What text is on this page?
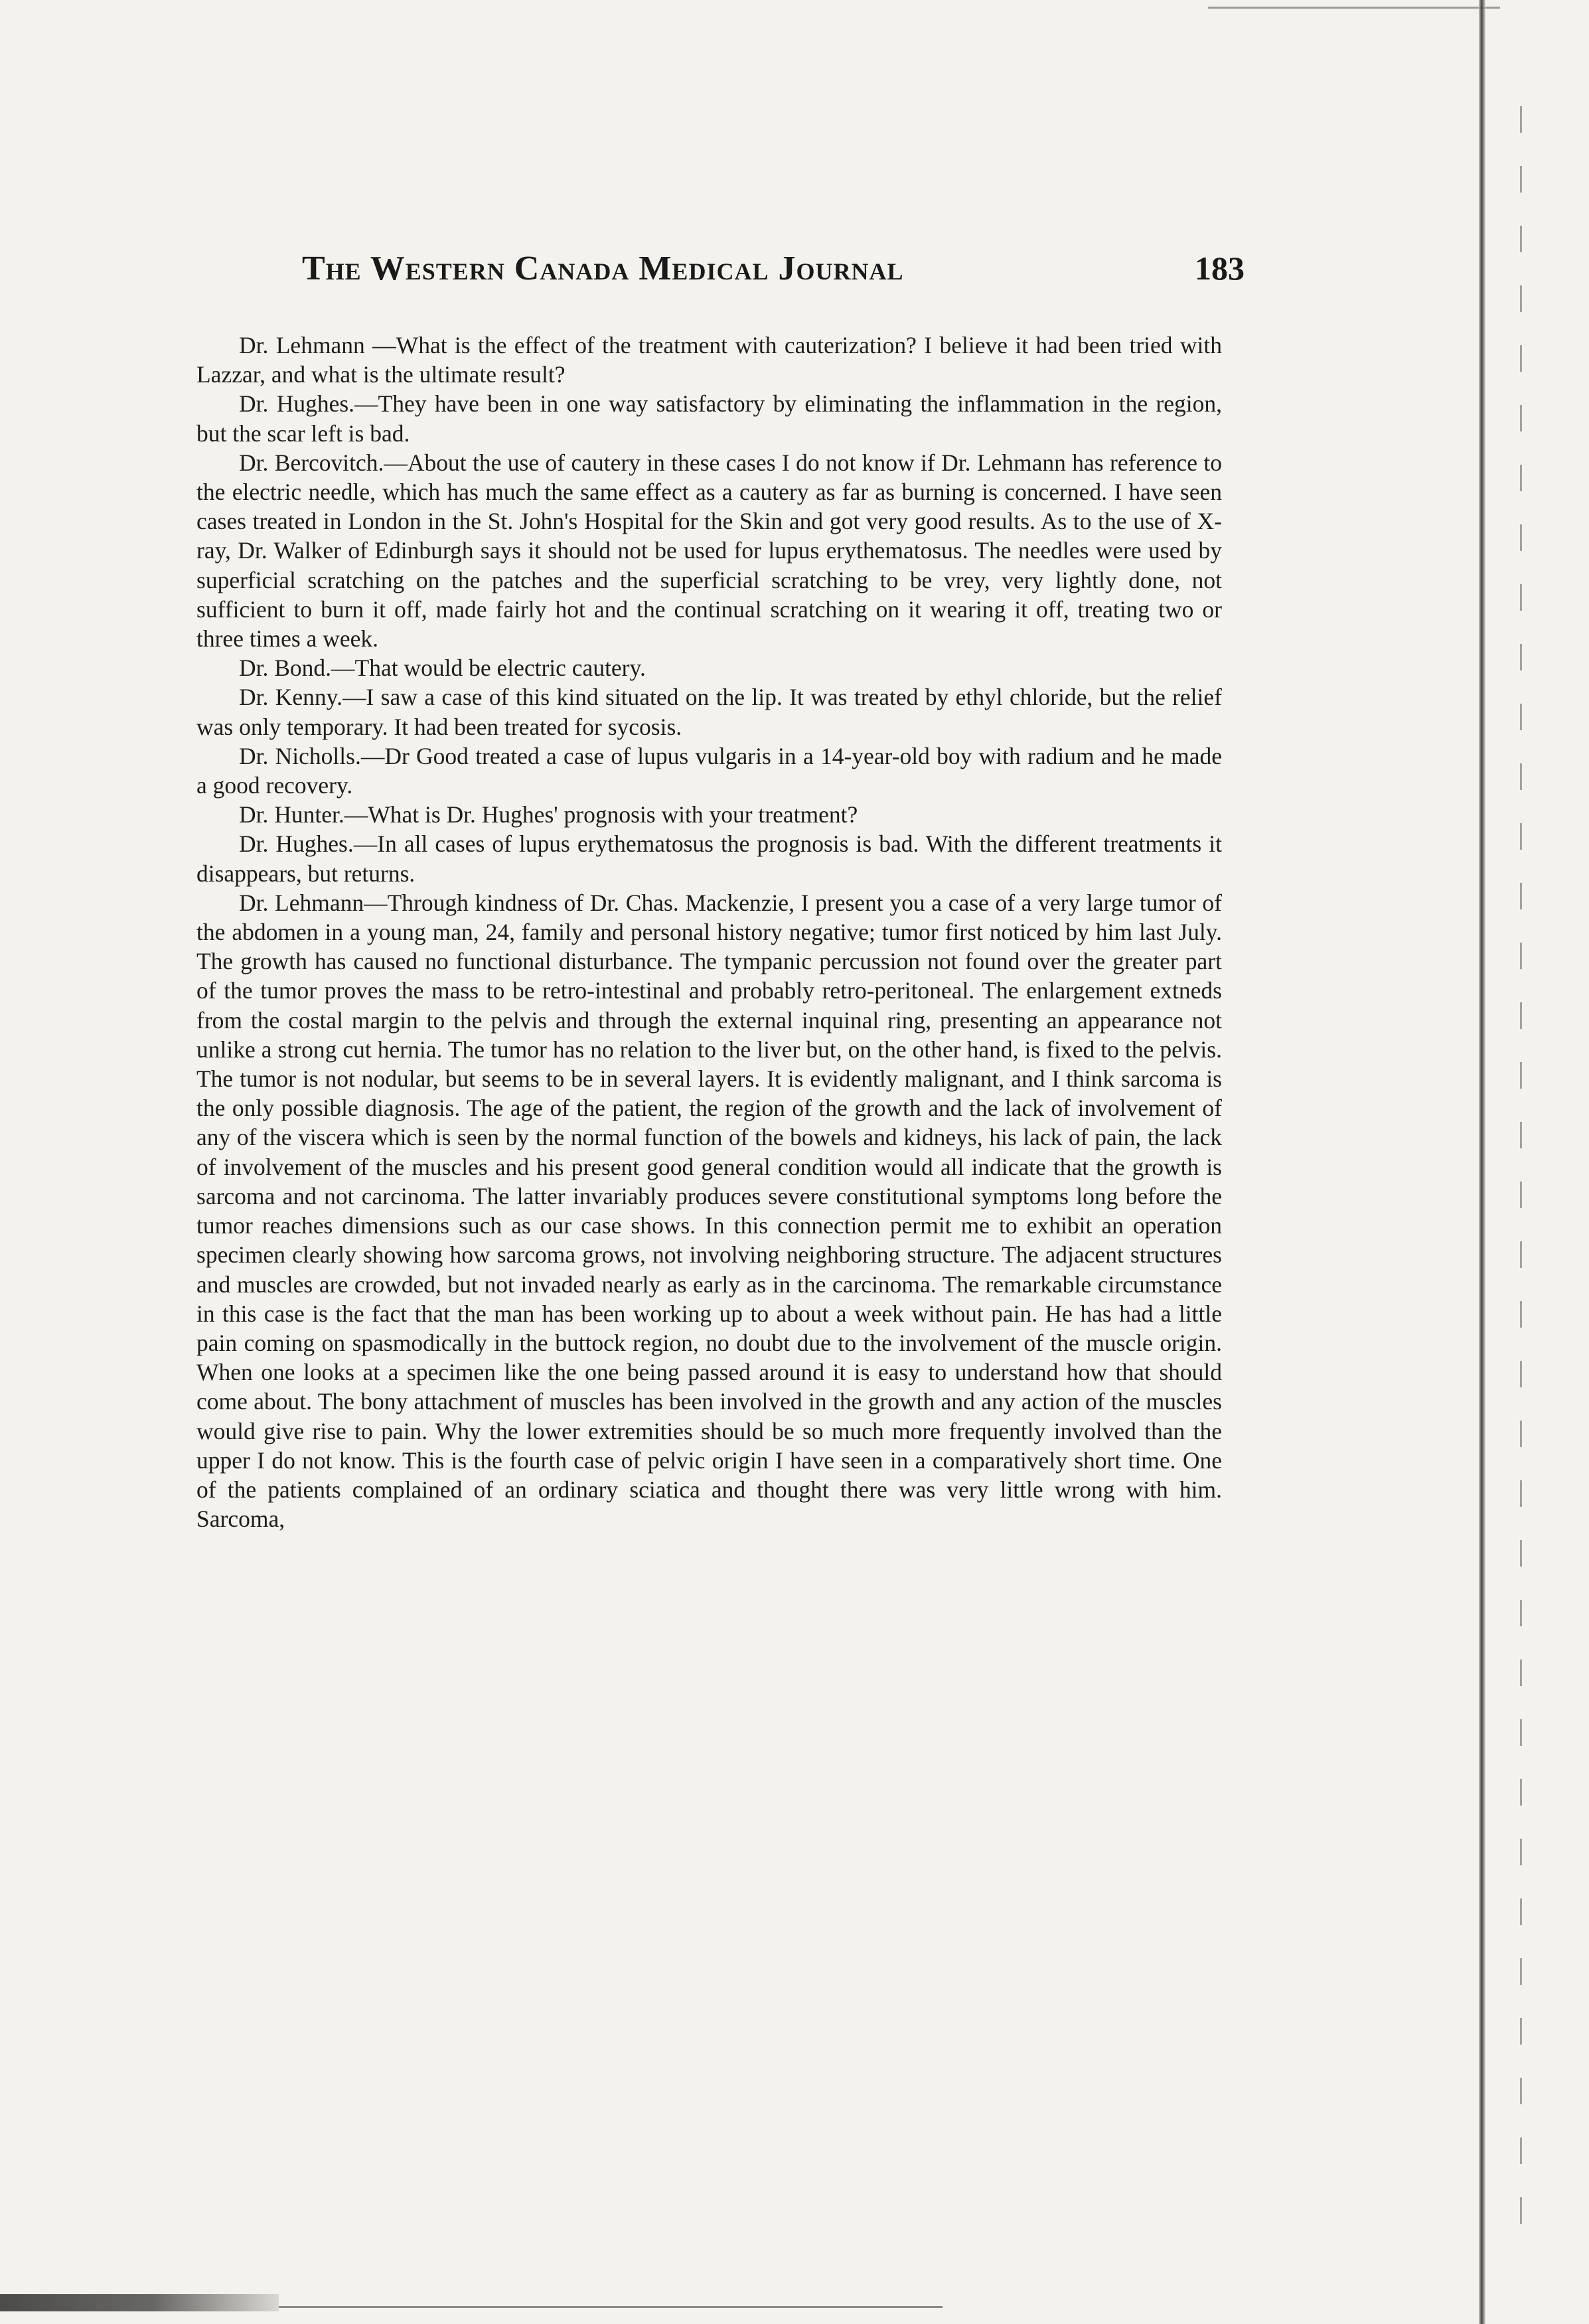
The Western Canada Medical Journal	183

Dr. Lehmann —What is the effect of the treatment with cauterization? I believe it had been tried with Lazzar, and what is the ultimate result?

Dr. Hughes.—They have been in one way satisfactory by eliminating the inflammation in the region, but the scar left is bad.

Dr. Bercovitch.—About the use of cautery in these cases I do not know if Dr. Lehmann has reference to the electric needle, which has much the same effect as a cautery as far as burning is concerned. I have seen cases treated in London in the St. John's Hospital for the Skin and got very good results. As to the use of X-ray, Dr. Walker of Edinburgh says it should not be used for lupus erythematosus. The needles were used by superficial scratching on the patches and the superficial scratching to be vrey, very lightly done, not sufficient to burn it off, made fairly hot and the continual scratching on it wearing it off, treating two or three times a week.

Dr. Bond.—That would be electric cautery.

Dr. Kenny.—I saw a case of this kind situated on the lip. It was treated by ethyl chloride, but the relief was only temporary. It had been treated for sycosis.

Dr. Nicholls.—Dr Good treated a case of lupus vulgaris in a 14-year-old boy with radium and he made a good recovery.

Dr. Hunter.—What is Dr. Hughes' prognosis with your treatment?

Dr. Hughes.—In all cases of lupus erythematosus the prognosis is bad. With the different treatments it disappears, but returns.

Dr. Lehmann—Through kindness of Dr. Chas. Mackenzie, I present you a case of a very large tumor of the abdomen in a young man, 24, family and personal history negative; tumor first noticed by him last July. The growth has caused no functional disturbance. The tympanic percussion not found over the greater part of the tumor proves the mass to be retro-intestinal and probably retro-peritoneal. The enlargement extneds from the costal margin to the pelvis and through the external inquinal ring, presenting an appearance not unlike a strong cut hernia. The tumor has no relation to the liver but, on the other hand, is fixed to the pelvis. The tumor is not nodular, but seems to be in several layers. It is evidently malignant, and I think sarcoma is the only possible diagnosis. The age of the patient, the region of the growth and the lack of involvement of any of the viscera which is seen by the normal function of the bowels and kidneys, his lack of pain, the lack of involvement of the muscles and his present good general condition would all indicate that the growth is sarcoma and not carcinoma. The latter invariably produces severe constitutional symptoms long before the tumor reaches dimensions such as our case shows. In this connection permit me to exhibit an operation specimen clearly showing how sarcoma grows, not involving neighboring structure. The adjacent structures and muscles are crowded, but not invaded nearly as early as in the carcinoma. The remarkable circumstance in this case is the fact that the man has been working up to about a week without pain. He has had a little pain coming on spasmodically in the buttock region, no doubt due to the involvement of the muscle origin. When one looks at a specimen like the one being passed around it is easy to understand how that should come about. The bony attachment of muscles has been involved in the growth and any action of the muscles would give rise to pain. Why the lower extremities should be so much more frequently involved than the upper I do not know. This is the fourth case of pelvic origin I have seen in a comparatively short time. One of the patients complained of an ordinary sciatica and thought there was very little wrong with him. Sarcoma,
